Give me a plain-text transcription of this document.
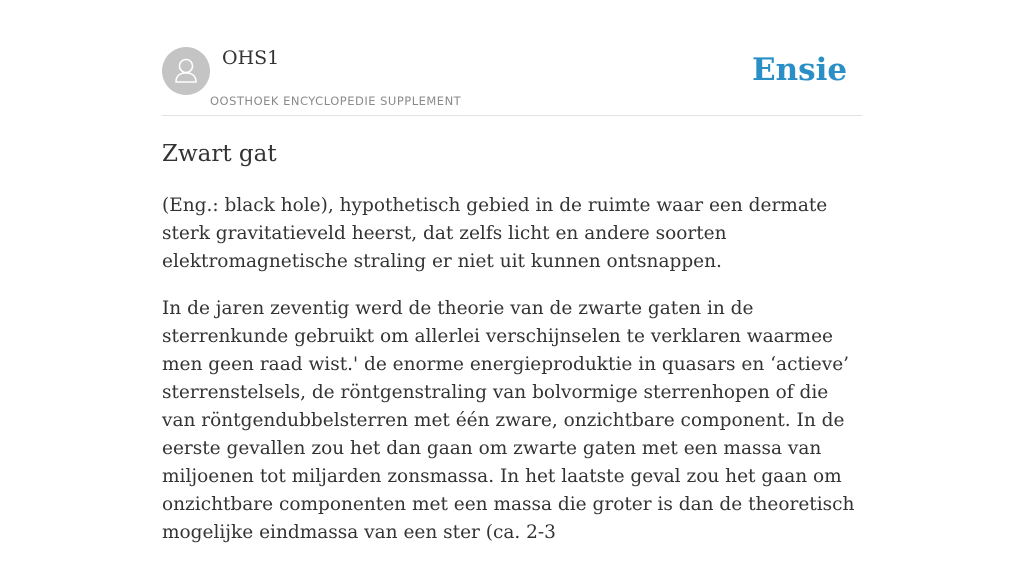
OHS1
OOSTHOEK ENCYCLOPEDIE SUPPLEMENT
Ensie
Zwart gat

(Eng.: black hole), hypothetisch gebied in de ruimte waar een dermate sterk gravitatieveld heerst, dat zelfs licht en andere soorten elektromagnetische straling er niet uit kunnen ontsnappen.

In de jaren zeventig werd de theorie van de zwarte gaten in de sterrenkunde gebruikt om allerlei verschijnselen te verklaren waarmee men geen raad wist.' de enorme energieproduktie in quasars en ‘actieve’ sterrenstelsels, de röntgenstraling van bolvormige sterrenhopen of die van röntgendubbelsterren met één zware, onzichtbare component. In de eerste gevallen zou het dan gaan om zwarte gaten met een massa van miljoenen tot miljarden zonsmassa. In het laatste geval zou het gaan om onzichtbare componenten met een massa die groter is dan de theoretisch mogelijke eindmassa van een ster (ca. 2-3
